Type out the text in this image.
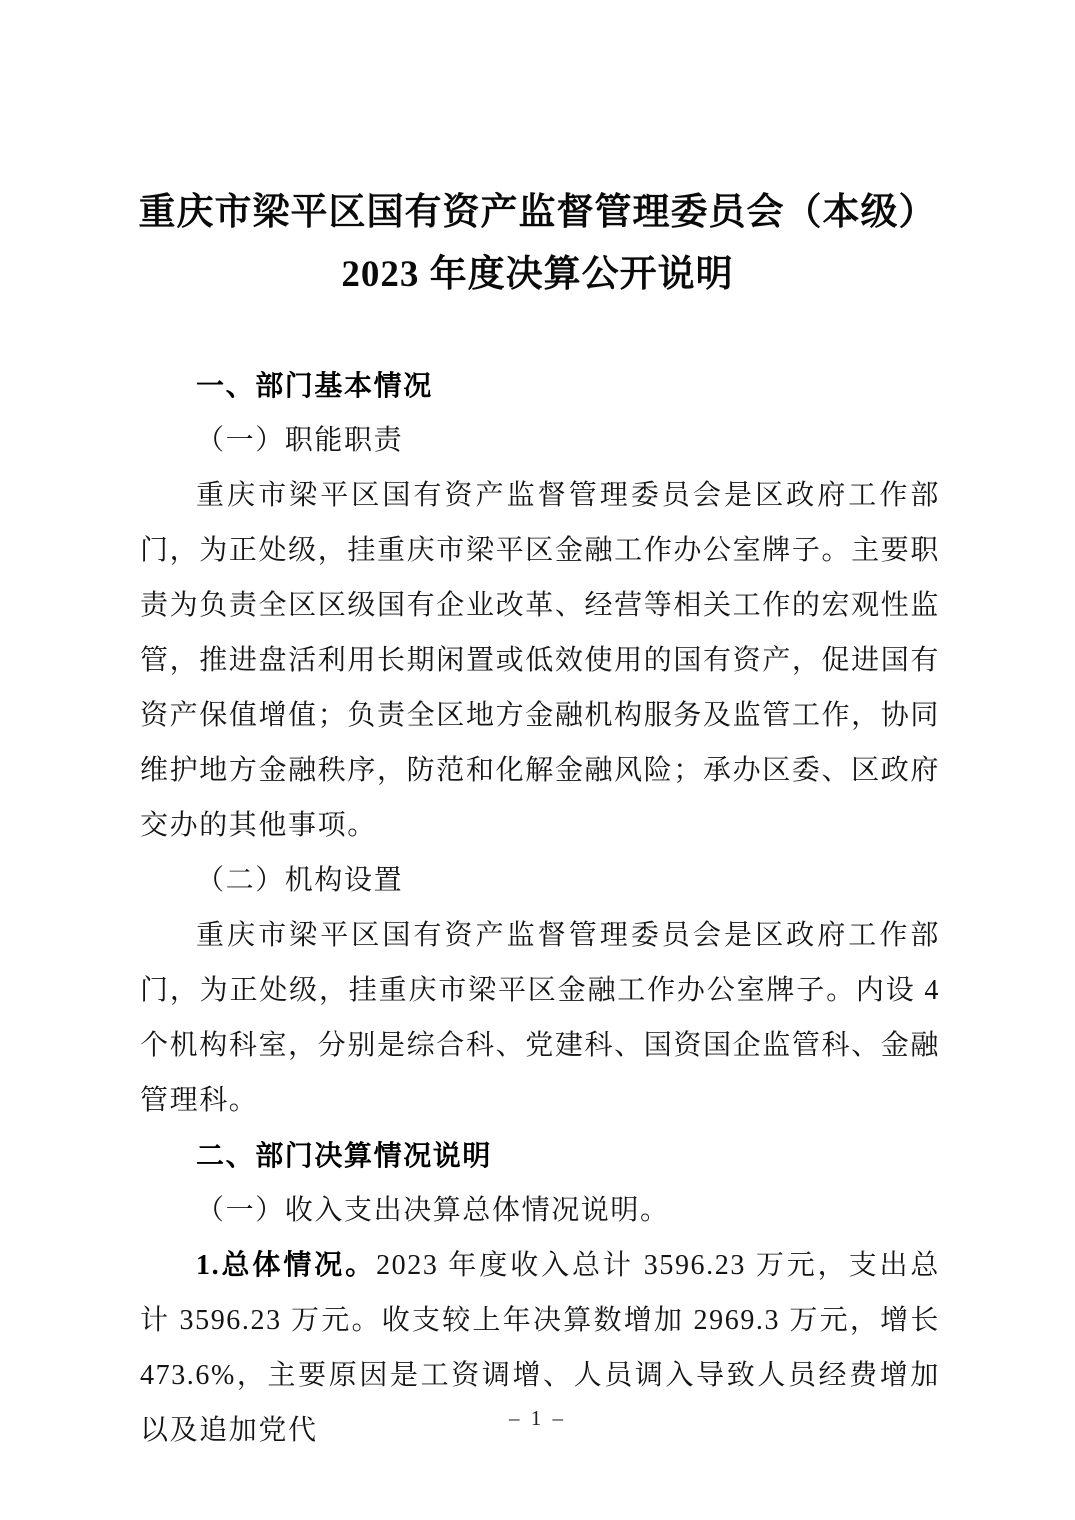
重庆市梁平区国有资产监督管理委员会（本级）
2023 年度决算公开说明

一、部门基本情况

（一）职能职责

重庆市梁平区国有资产监督管理委员会是区政府工作部门，为正处级，挂重庆市梁平区金融工作办公室牌子。主要职责为负责全区区级国有企业改革、经营等相关工作的宏观性监管，推进盘活利用长期闲置或低效使用的国有资产，促进国有资产保值增值；负责全区地方金融机构服务及监管工作，协同维护地方金融秩序，防范和化解金融风险；承办区委、区政府交办的其他事项。

（二）机构设置

重庆市梁平区国有资产监督管理委员会是区政府工作部门，为正处级，挂重庆市梁平区金融工作办公室牌子。内设 4 个机构科室，分别是综合科、党建科、国资国企监管科、金融管理科。

二、部门决算情况说明

（一）收入支出决算总体情况说明。

1.总体情况。2023 年度收入总计 3596.23 万元，支出总计 3596.23 万元。收支较上年决算数增加 2969.3 万元，增长 473.6%，主要原因是工资调增、人员调入导致人员经费增加以及追加党代	– 1 –
